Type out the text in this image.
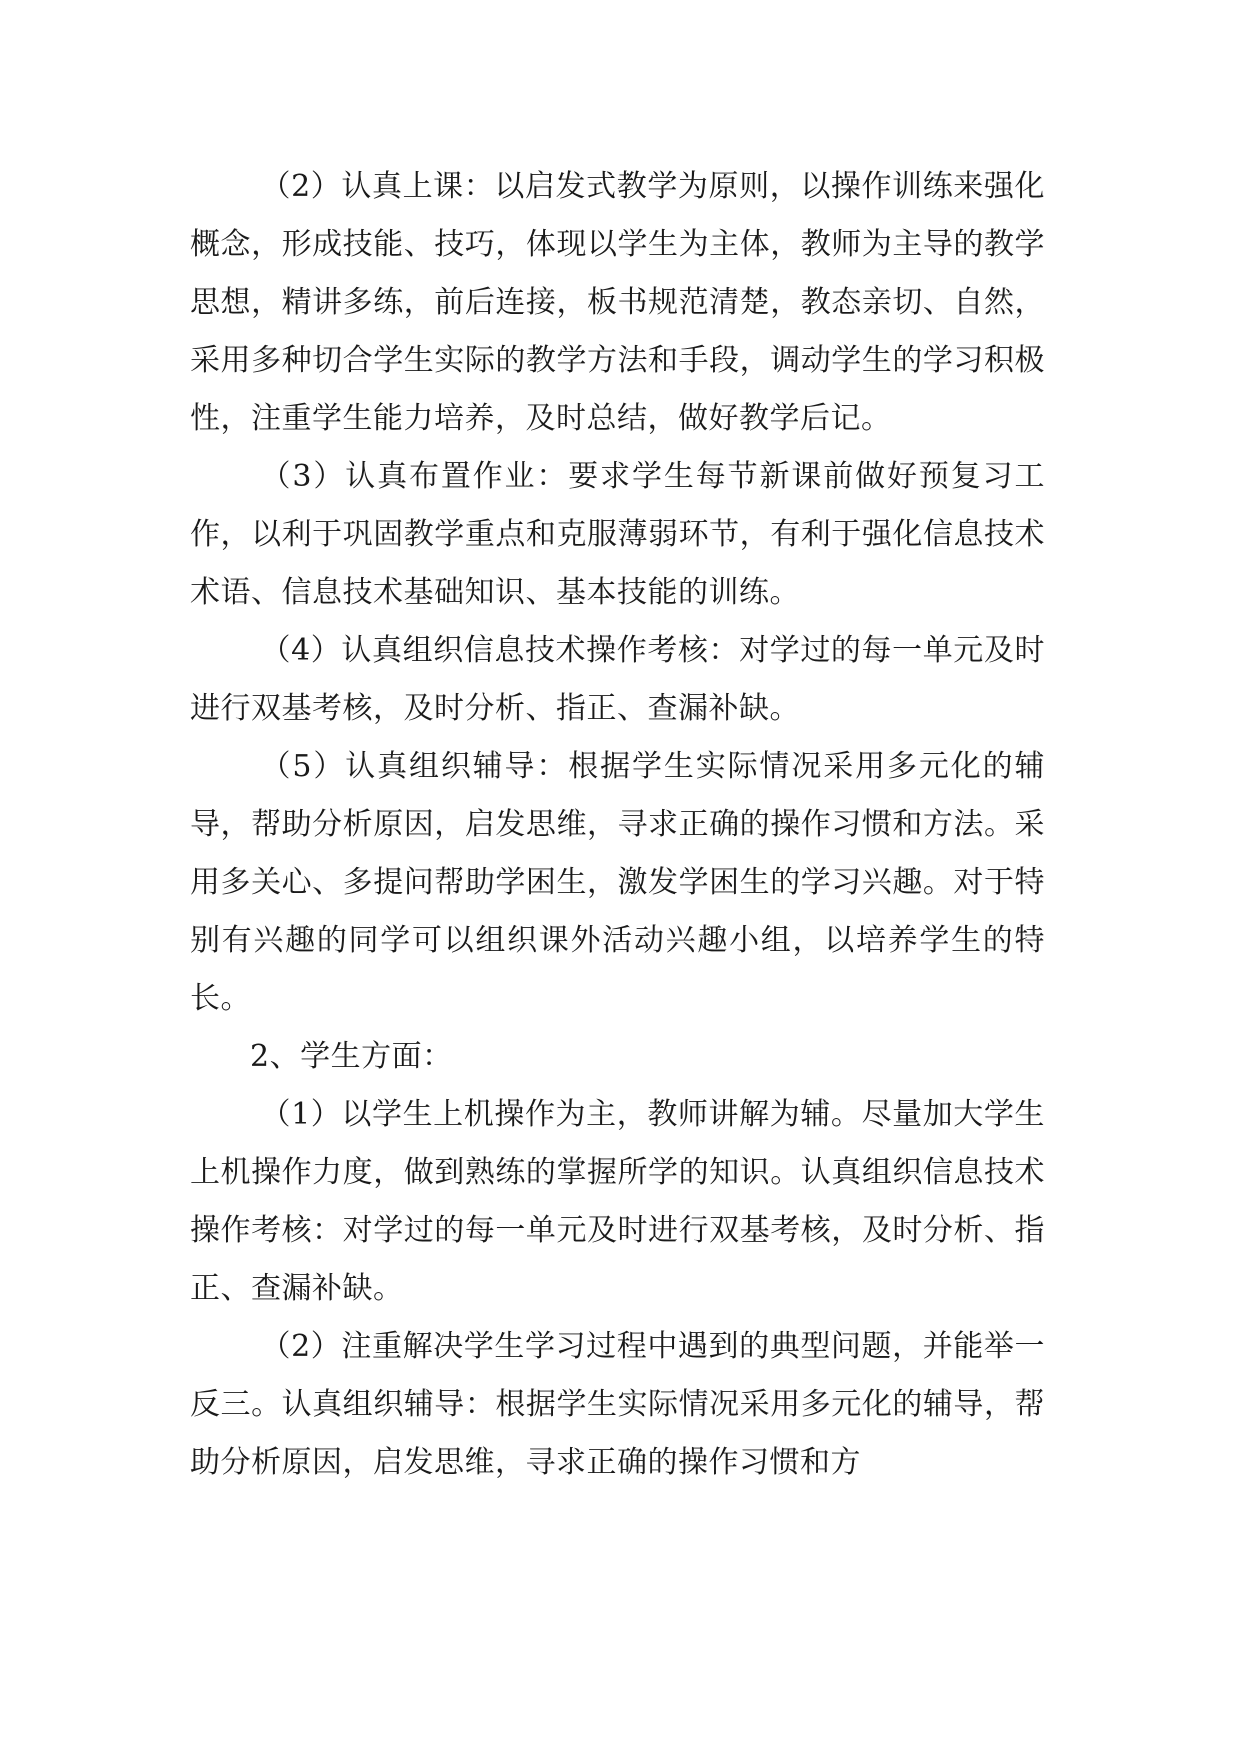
（2）认真上课：以启发式教学为原则，以操作训练来强化概念，形成技能、技巧，体现以学生为主体，教师为主导的教学思想，精讲多练，前后连接，板书规范清楚，教态亲切、自然，采用多种切合学生实际的教学方法和手段，调动学生的学习积极性，注重学生能力培养，及时总结，做好教学后记。

（3）认真布置作业：要求学生每节新课前做好预复习工作，以利于巩固教学重点和克服薄弱环节，有利于强化信息技术术语、信息技术基础知识、基本技能的训练。

（4）认真组织信息技术操作考核：对学过的每一单元及时进行双基考核，及时分析、指正、查漏补缺。

（5）认真组织辅导：根据学生实际情况采用多元化的辅导，帮助分析原因，启发思维，寻求正确的操作习惯和方法。采用多关心、多提问帮助学困生，激发学困生的学习兴趣。对于特别有兴趣的同学可以组织课外活动兴趣小组，以培养学生的特长。

2、学生方面：

（1）以学生上机操作为主，教师讲解为辅。尽量加大学生上机操作力度，做到熟练的掌握所学的知识。认真组织信息技术操作考核：对学过的每一单元及时进行双基考核，及时分析、指正、查漏补缺。

（2）注重解决学生学习过程中遇到的典型问题，并能举一反三。认真组织辅导：根据学生实际情况采用多元化的辅导，帮助分析原因，启发思维，寻求正确的操作习惯和方
